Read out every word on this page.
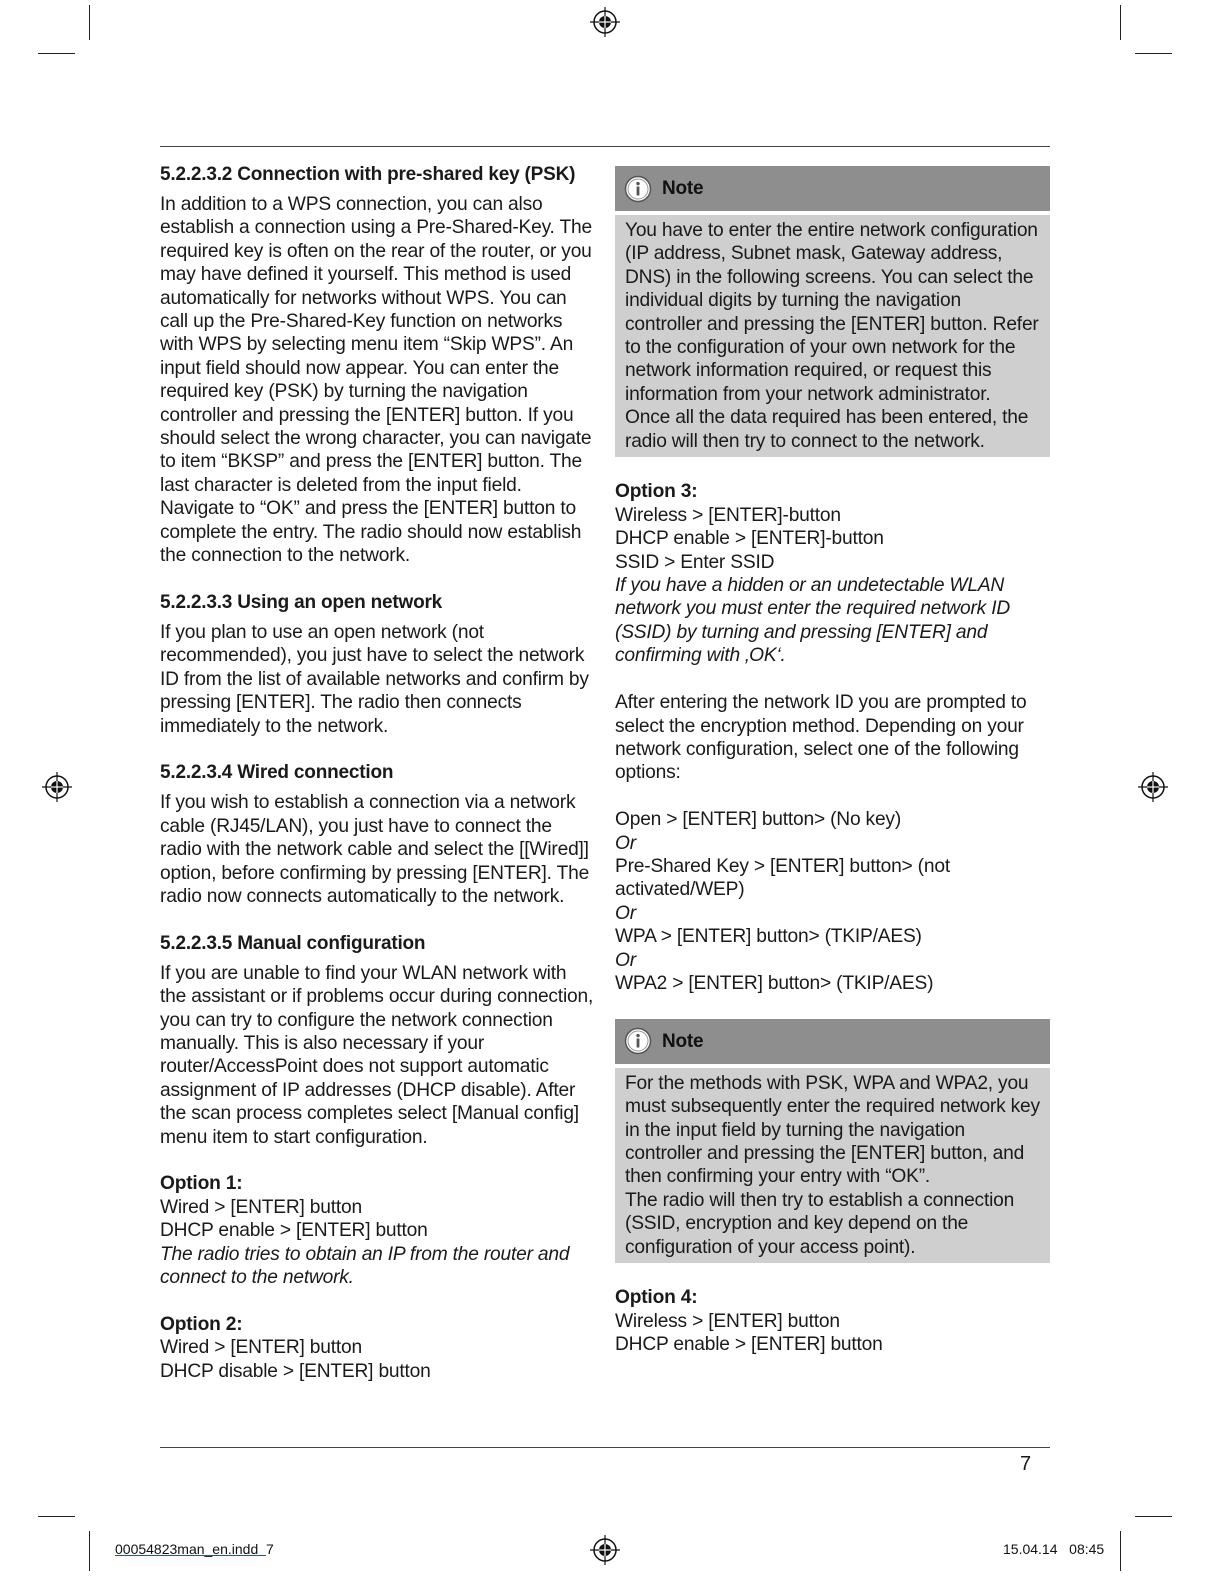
5.2.2.3.2 Connection with pre-shared key (PSK)

In addition to a WPS connection, you can also establish a connection using a Pre-Shared-Key. The required key is often on the rear of the router, or you may have defined it yourself. This method is used automatically for networks without WPS. You can call up the Pre-Shared-Key function on networks with WPS by selecting menu item “Skip WPS”. An input field should now appear. You can enter the required key (PSK) by turning the navigation controller and pressing the [ENTER] button. If you should select the wrong character, you can navigate to item “BKSP” and press the [ENTER] button. The last character is deleted from the input field. Navigate to “OK” and press the [ENTER] button to complete the entry. The radio should now establish the connection to the network.

5.2.2.3.3 Using an open network

If you plan to use an open network (not recommended), you just have to select the network ID from the list of available networks and confirm by pressing [ENTER]. The radio then connects immediately to the network.

5.2.2.3.4 Wired connection

If you wish to establish a connection via a network cable (RJ45/LAN), you just have to connect the radio with the network cable and select the [[Wired]] option, before confirming by pressing [ENTER]. The radio now connects automatically to the network.

5.2.2.3.5 Manual configuration

If you are unable to find your WLAN network with the assistant or if problems occur during connection, you can try to configure the network connection manually. This is also necessary if your router/AccessPoint does not support automatic assignment of IP addresses (DHCP disable). After the scan process completes select [Manual config] menu item to start configuration.

Option 1:

Wired > [ENTER] button

DHCP enable > [ENTER] button

The radio tries to obtain an IP from the router and connect to the network.

Option 2:

Wired > [ENTER] button

DHCP disable > [ENTER] button

Note

You have to enter the entire network configuration (IP address, Subnet mask, Gateway address, DNS) in the following screens. You can select the individual digits by turning the navigation controller and pressing the [ENTER] button. Refer to the configuration of your own network for the network information required, or request this information from your network administrator. Once all the data required has been entered, the radio will then try to connect to the network.

Option 3:

Wireless > [ENTER]-button

DHCP enable > [ENTER]-button

SSID > Enter SSID

If you have a hidden or an undetectable WLAN network you must enter the required network ID (SSID) by turning and pressing [ENTER] and confirming with ‚OK‘.

After entering the network ID you are prompted to select the encryption method. Depending on your network configuration, select one of the following options:

Open > [ENTER] button> (No key)

Or

Pre-Shared Key > [ENTER] button> (not activated/WEP)

Or

WPA > [ENTER] button> (TKIP/AES)

Or

WPA2 > [ENTER] button> (TKIP/AES)

Note

For the methods with PSK, WPA and WPA2, you must subsequently enter the required network key in the input field by turning the navigation controller and pressing the [ENTER] button, and then confirming your entry with “OK”.

The radio will then try to establish a connection (SSID, encryption and key depend on the configuration of your access point).

Option 4:

Wireless > [ENTER] button

DHCP enable > [ENTER] button

7
00054823man_en.indd 7	15.04.14 08:45
